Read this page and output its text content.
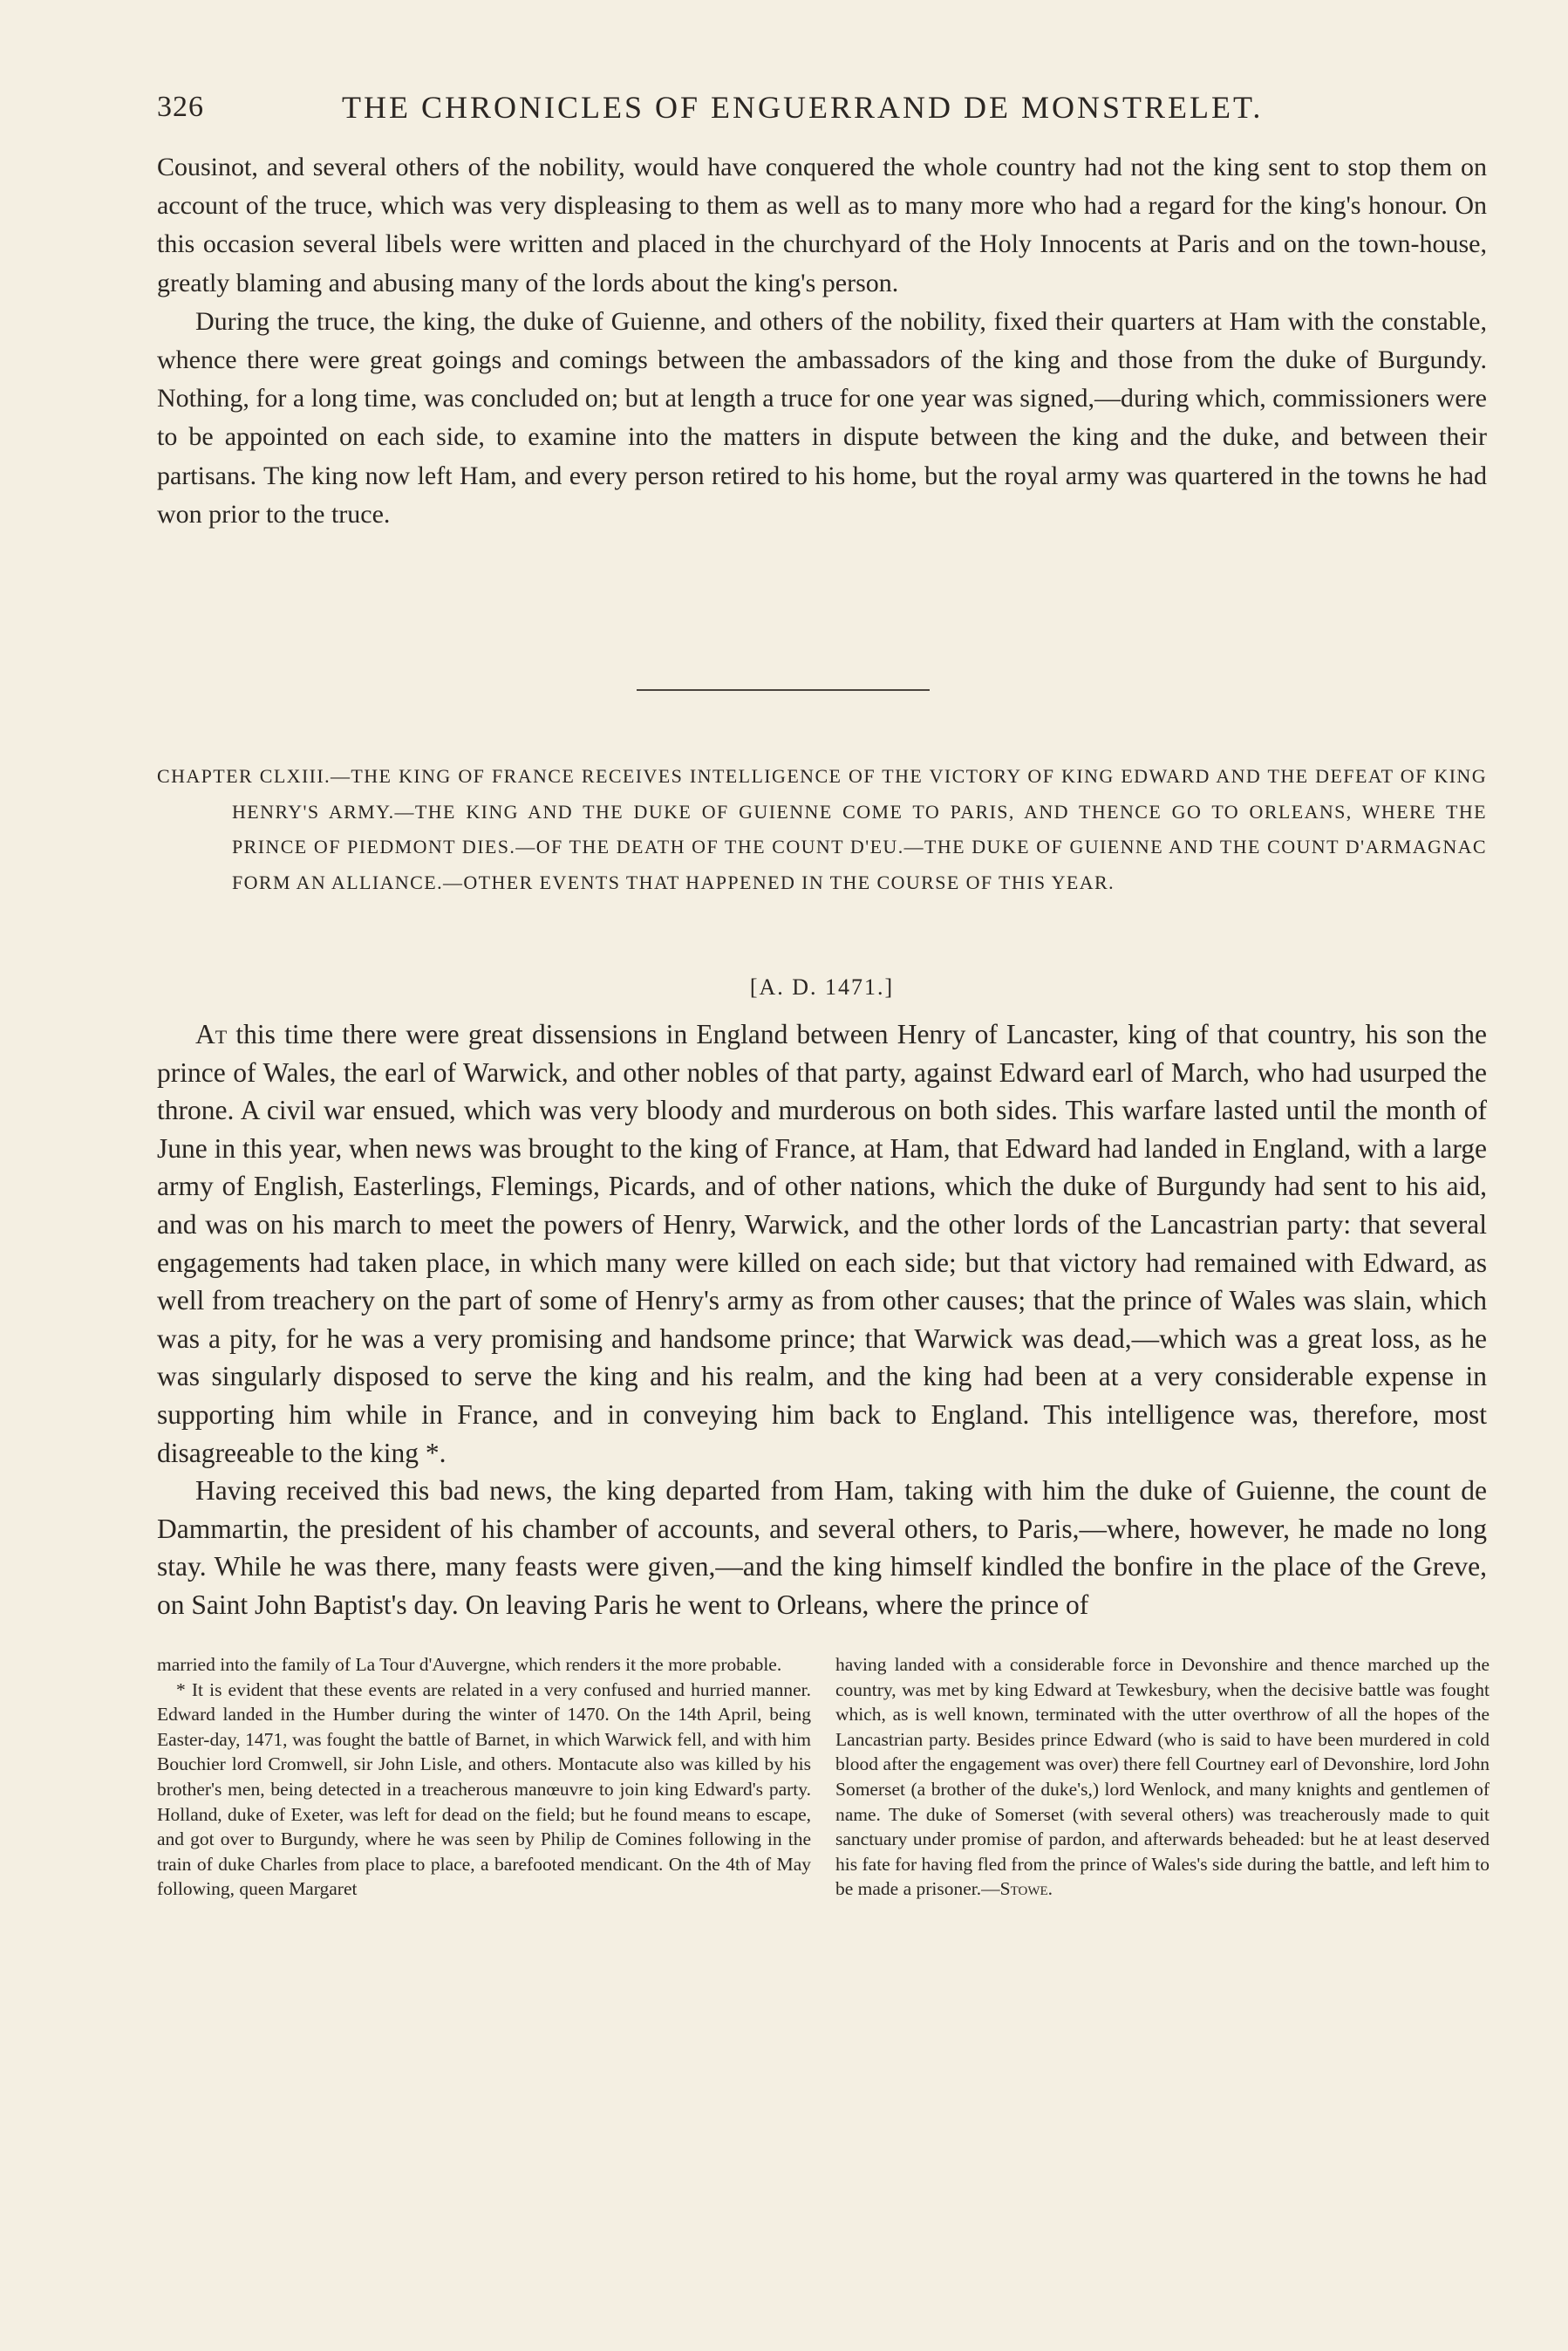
326	THE CHRONICLES OF ENGUERRAND DE MONSTRELET.

Cousinot, and several others of the nobility, would have conquered the whole country had not the king sent to stop them on account of the truce, which was very displeasing to them as well as to many more who had a regard for the king's honour. On this occasion several libels were written and placed in the churchyard of the Holy Innocents at Paris and on the town-house, greatly blaming and abusing many of the lords about the king's person.

During the truce, the king, the duke of Guienne, and others of the nobility, fixed their quarters at Ham with the constable, whence there were great goings and comings between the ambassadors of the king and those from the duke of Burgundy. Nothing, for a long time, was concluded on; but at length a truce for one year was signed,—during which, commissioners were to be appointed on each side, to examine into the matters in dispute between the king and the duke, and between their partisans. The king now left Ham, and every person retired to his home, but the royal army was quartered in the towns he had won prior to the truce.

CHAPTER CLXIII.—THE KING OF FRANCE RECEIVES INTELLIGENCE OF THE VICTORY OF KING EDWARD AND THE DEFEAT OF KING HENRY'S ARMY.—THE KING AND THE DUKE OF GUIENNE COME TO PARIS, AND THENCE GO TO ORLEANS, WHERE THE PRINCE OF PIEDMONT DIES.—OF THE DEATH OF THE COUNT D'EU.—THE DUKE OF GUIENNE AND THE COUNT D'ARMAGNAC FORM AN ALLIANCE.—OTHER EVENTS THAT HAPPENED IN THE COURSE OF THIS YEAR.
[A. D. 1471.]

At this time there were great dissensions in England between Henry of Lancaster, king of that country, his son the prince of Wales, the earl of Warwick, and other nobles of that party, against Edward earl of March, who had usurped the throne. A civil war ensued, which was very bloody and murderous on both sides. This warfare lasted until the month of June in this year, when news was brought to the king of France, at Ham, that Edward had landed in England, with a large army of English, Easterlings, Flemings, Picards, and of other nations, which the duke of Burgundy had sent to his aid, and was on his march to meet the powers of Henry, Warwick, and the other lords of the Lancastrian party: that several engagements had taken place, in which many were killed on each side; but that victory had remained with Edward, as well from treachery on the part of some of Henry's army as from other causes; that the prince of Wales was slain, which was a pity, for he was a very promising and handsome prince; that Warwick was dead,—which was a great loss, as he was singularly disposed to serve the king and his realm, and the king had been at a very considerable expense in supporting him while in France, and in conveying him back to England. This intelligence was, therefore, most disagreeable to the king *.

Having received this bad news, the king departed from Ham, taking with him the duke of Guienne, the count de Dammartin, the president of his chamber of accounts, and several others, to Paris,—where, however, he made no long stay. While he was there, many feasts were given,—and the king himself kindled the bonfire in the place of the Greve, on Saint John Baptist's day. On leaving Paris he went to Orleans, where the prince of

married into the family of La Tour d'Auvergne, which renders it the more probable.

* It is evident that these events are related in a very confused and hurried manner. Edward landed in the Humber during the winter of 1470. On the 14th April, being Easter-day, 1471, was fought the battle of Barnet, in which Warwick fell, and with him Bouchier lord Cromwell, sir John Lisle, and others. Montacute also was killed by his brother's men, being detected in a treacherous manœuvre to join king Edward's party. Holland, duke of Exeter, was left for dead on the field; but he found means to escape, and got over to Burgundy, where he was seen by Philip de Comines following in the train of duke Charles from place to place, a barefooted mendicant. On the 4th of May following, queen Margaret

having landed with a considerable force in Devonshire and thence marched up the country, was met by king Edward at Tewkesbury, when the decisive battle was fought which, as is well known, terminated with the utter overthrow of all the hopes of the Lancastrian party. Besides prince Edward (who is said to have been murdered in cold blood after the engagement was over) there fell Courtney earl of Devonshire, lord John Somerset (a brother of the duke's,) lord Wenlock, and many knights and gentlemen of name. The duke of Somerset (with several others) was treacherously made to quit sanctuary under promise of pardon, and afterwards beheaded: but he at least deserved his fate for having fled from the prince of Wales's side during the battle, and left him to be made a prisoner.—Stowe.
